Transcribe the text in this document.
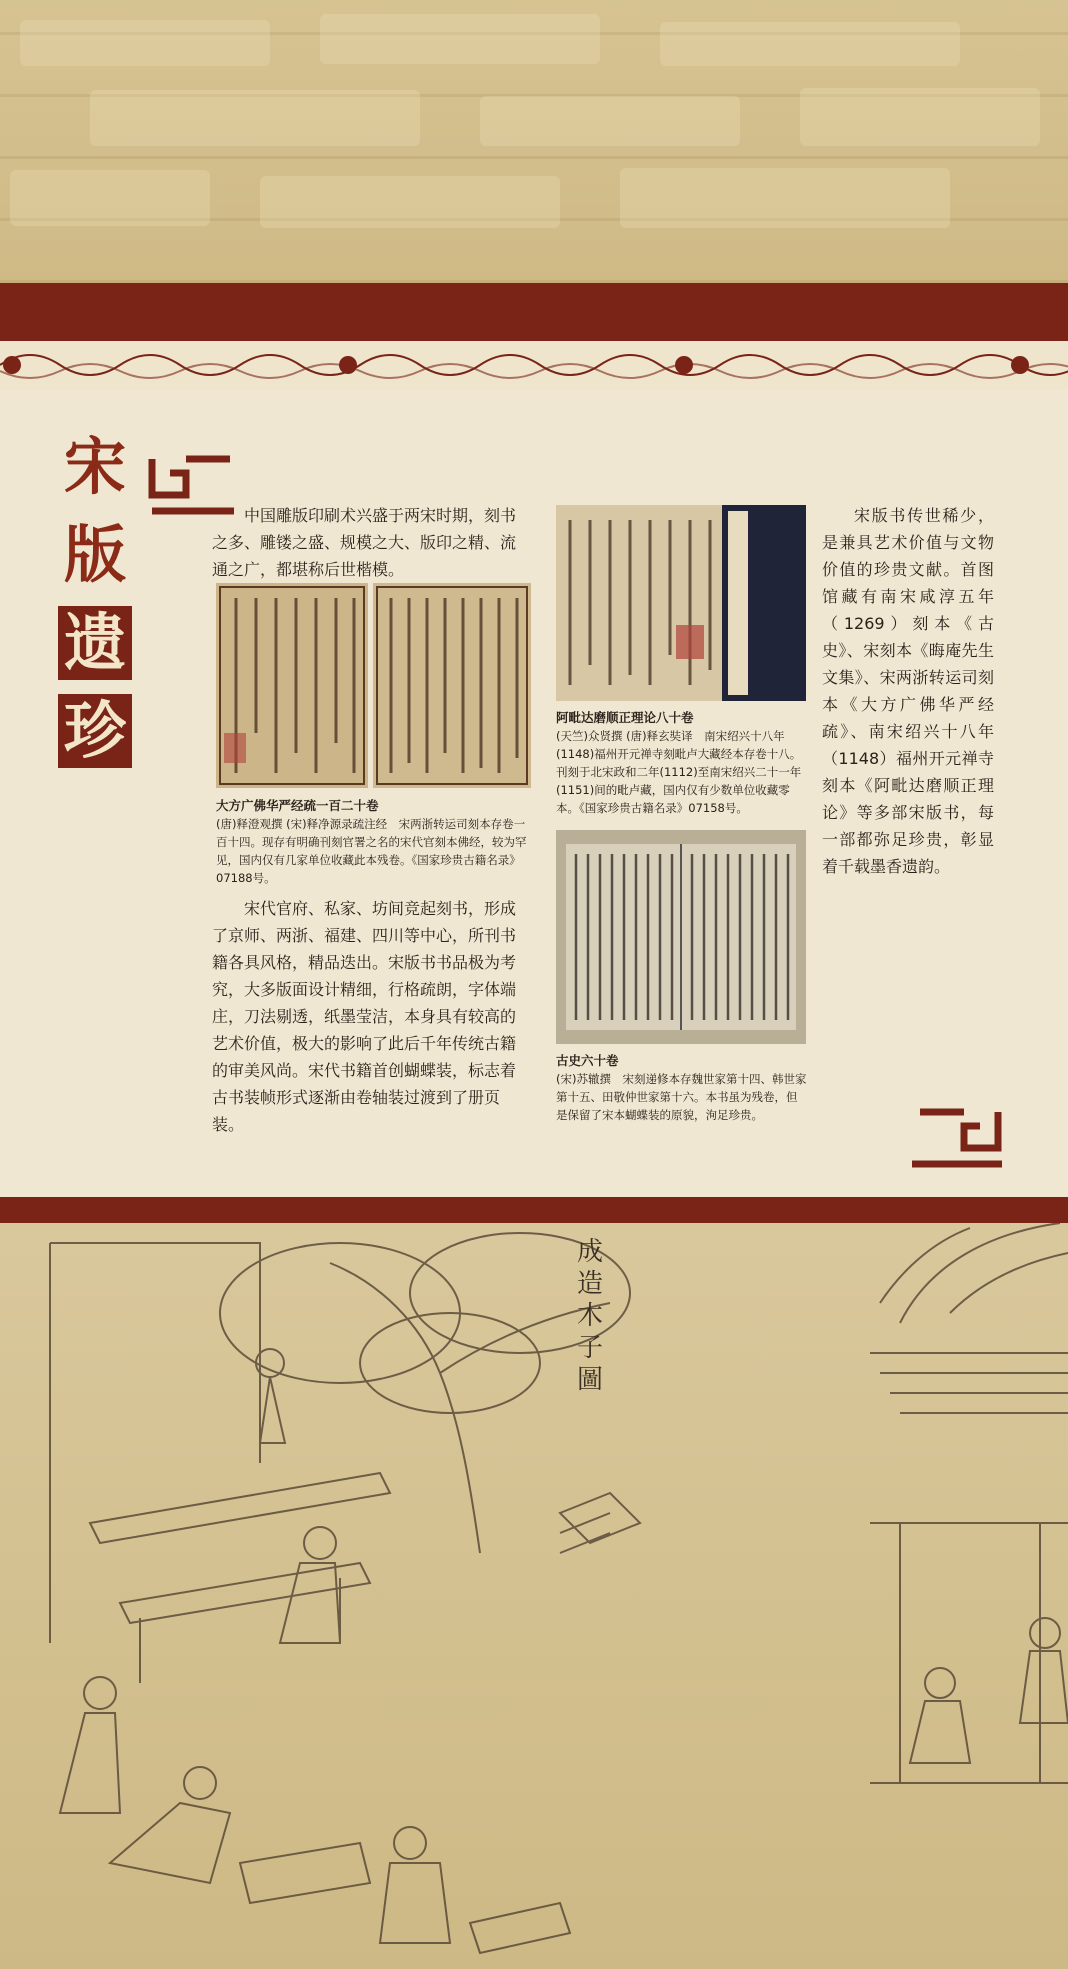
宋
版
遗
珍
中国雕版印刷术兴盛于两宋时期，刻书之多、雕镂之盛、规模之大、版印之精、流通之广，都堪称后世楷模。
大方广佛华严经疏一百二十卷
(唐)释澄观撰 (宋)释净源录疏注经　宋两浙转运司刻本存卷一百十四。现存有明确刊刻官署之名的宋代官刻本佛经，较为罕见，国内仅有几家单位收藏此本残卷。《国家珍贵古籍名录》07188号。
宋代官府、私家、坊间竞起刻书，形成了京师、两浙、福建、四川等中心，所刊书籍各具风格，精品迭出。宋版书书品极为考究，大多版面设计精细，行格疏朗，字体端庄，刀法剔透，纸墨莹洁，本身具有较高的艺术价值，极大的影响了此后千年传统古籍的审美风尚。宋代书籍首创蝴蝶装，标志着古书装帧形式逐渐由卷轴装过渡到了册页装。
阿毗达磨顺正理论八十卷
(天竺)众贤撰 (唐)释玄奘译　南宋绍兴十八年(1148)福州开元禅寺刻毗卢大藏经本存卷十八。刊刻于北宋政和二年(1112)至南宋绍兴二十一年(1151)间的毗卢藏，国内仅有少数单位收藏零本。《国家珍贵古籍名录》07158号。
古史六十卷
(宋)苏辙撰　宋刻递修本存魏世家第十四、韩世家第十五、田敬仲世家第十六。本书虽为残卷，但是保留了宋本蝴蝶装的原貌，洵足珍贵。
宋版书传世稀少，是兼具艺术价值与文物价值的珍贵文献。首图馆藏有南宋咸淳五年（1269）刻本《古史》、宋刻本《晦庵先生文集》、宋两浙转运司刻本《大方广佛华严经疏》、南宋绍兴十八年（1148）福州开元禅寺刻本《阿毗达磨顺正理论》等多部宋版书，每一部都弥足珍贵，彰显着千载墨香遗韵。
成造木子圖
